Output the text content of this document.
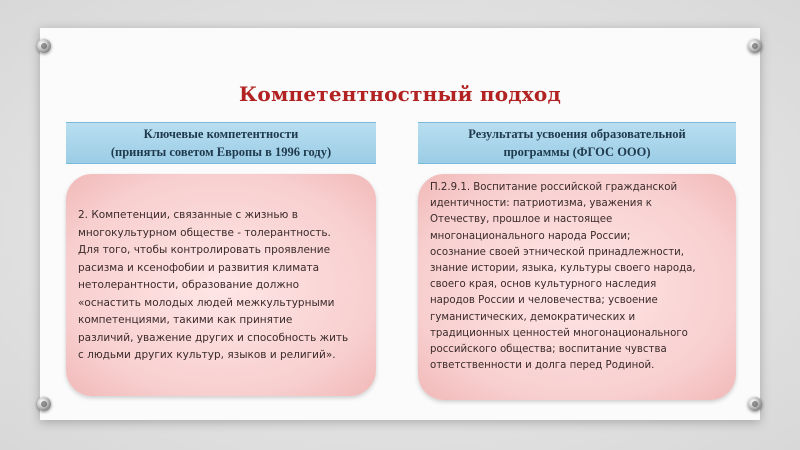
Компетентностный подход
Ключевые компетентности
(приняты советом Европы в 1996 году)
Результаты усвоения образовательной
программы (ФГОС ООО)
2. Компетенции, связанные с жизнью в
многокультурном обществе - толерантность.
Для того, чтобы контролировать проявление
расизма и ксенофобии и развития климата
нетолерантности, образование должно
«оснастить молодых людей межкультурными
компетенциями, такими как принятие
различий, уважение других и способность жить
с людьми других культур, языков и религий».
П.2.9.1. Воспитание российской гражданской
идентичности: патриотизма, уважения к
Отечеству, прошлое и настоящее
многонационального народа России;
осознание своей этнической принадлежности,
знание истории, языка, культуры своего народа,
своего края, основ культурного наследия
народов России и человечества; усвоение
гуманистических, демократических и
традиционных ценностей многонационального
российского общества; воспитание чувства
ответственности и долга перед Родиной.
